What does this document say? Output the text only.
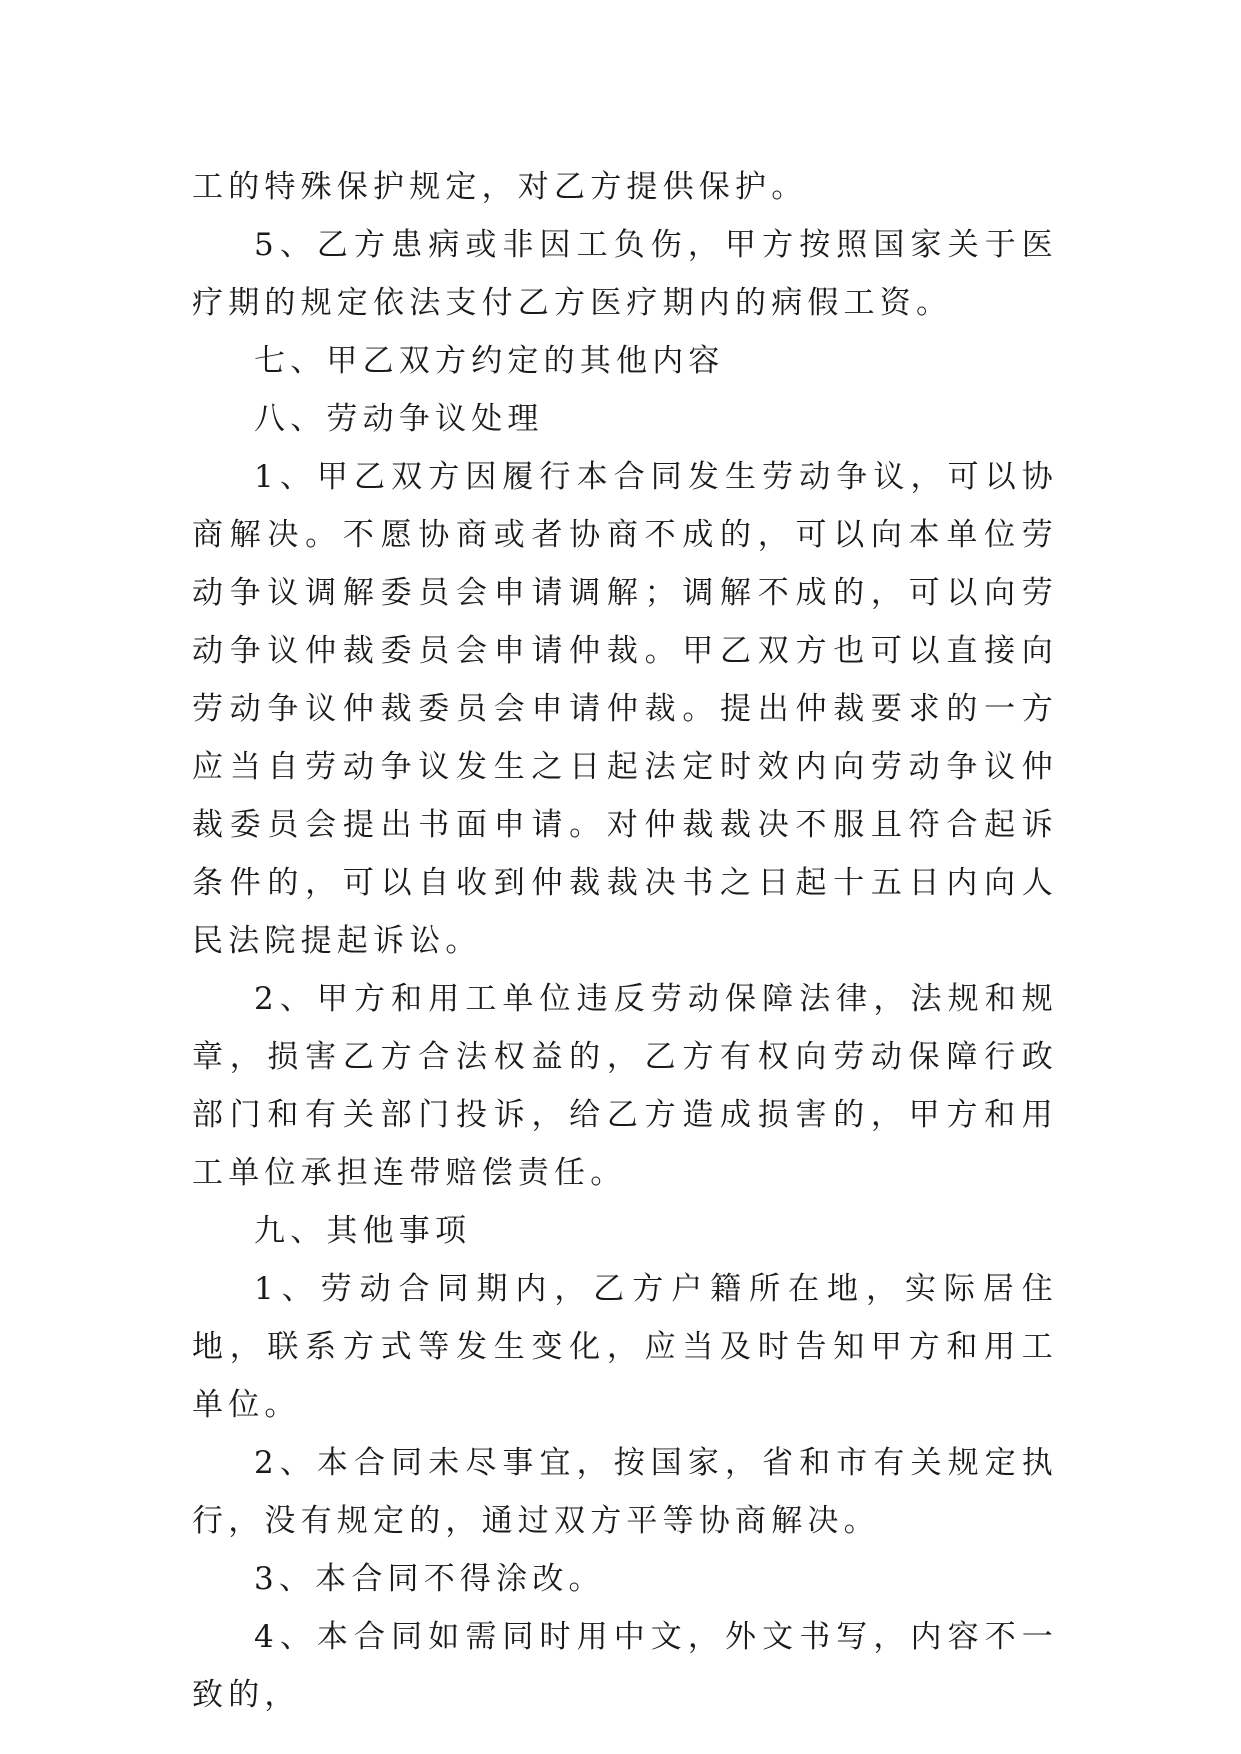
工的特殊保护规定，对乙方提供保护。

5、乙方患病或非因工负伤，甲方按照国家关于医疗期的规定依法支付乙方医疗期内的病假工资。

七、甲乙双方约定的其他内容

八、劳动争议处理

1、甲乙双方因履行本合同发生劳动争议，可以协商解决。不愿协商或者协商不成的，可以向本单位劳动争议调解委员会申请调解；调解不成的，可以向劳动争议仲裁委员会申请仲裁。甲乙双方也可以直接向劳动争议仲裁委员会申请仲裁。提出仲裁要求的一方应当自劳动争议发生之日起法定时效内向劳动争议仲裁委员会提出书面申请。对仲裁裁决不服且符合起诉条件的，可以自收到仲裁裁决书之日起十五日内向人民法院提起诉讼。

2、甲方和用工单位违反劳动保障法律，法规和规章，损害乙方合法权益的，乙方有权向劳动保障行政部门和有关部门投诉，给乙方造成损害的，甲方和用工单位承担连带赔偿责任。

九、其他事项

1、劳动合同期内，乙方户籍所在地，实际居住地，联系方式等发生变化，应当及时告知甲方和用工单位。

2、本合同未尽事宜，按国家，省和市有关规定执行，没有规定的，通过双方平等协商解决。

3、本合同不得涂改。

4、本合同如需同时用中文，外文书写，内容不一致的，
